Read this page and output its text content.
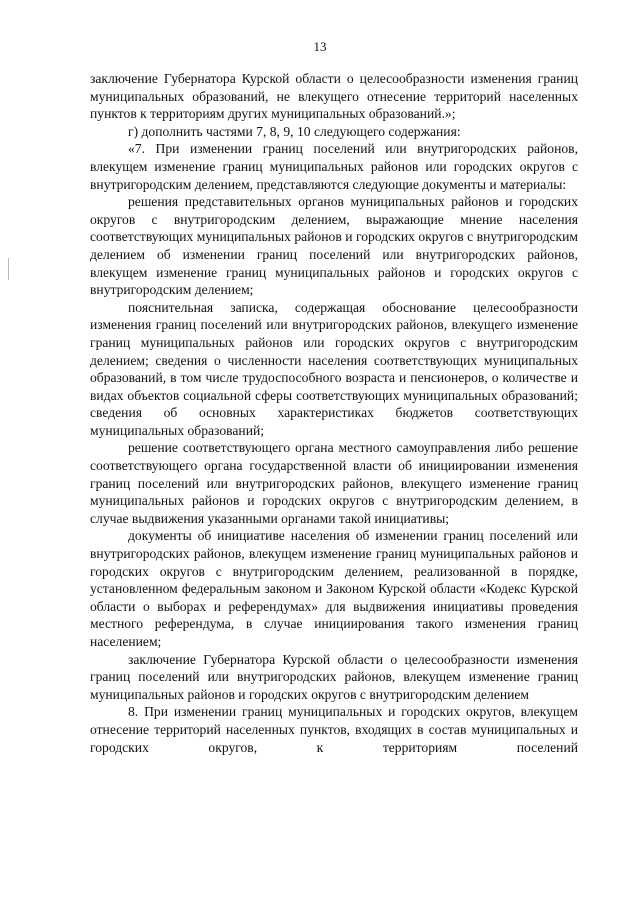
13

заключение Губернатора Курской области о целесообразности изменения границ муниципальных образований, не влекущего отнесение территорий населенных пунктов к территориям других муниципальных образований.»;

г) дополнить частями 7, 8, 9, 10 следующего содержания:

«7. При изменении границ поселений или внутригородских районов, влекущем изменение границ муниципальных районов или городских округов с внутригородским делением, представляются следующие документы и материалы:

решения представительных органов муниципальных районов и городских округов с внутригородским делением, выражающие мнение населения соответствующих муниципальных районов и городских округов с внутригородским делением об изменении границ поселений или внутригородских районов, влекущем изменение границ муниципальных районов и городских округов с внутригородским делением;

пояснительная записка, содержащая обоснование целесообразности изменения границ поселений или внутригородских районов, влекущего изменение границ муниципальных районов или городских округов с внутригородским делением; сведения о численности населения соответствующих муниципальных образований, в том числе трудоспособного возраста и пенсионеров, о количестве и видах объектов социальной сферы соответствующих муниципальных образований; сведения об основных характеристиках бюджетов соответствующих муниципальных образований;

решение соответствующего органа местного самоуправления либо решение соответствующего органа государственной власти об инициировании изменения границ поселений или внутригородских районов, влекущего изменение границ муниципальных районов и городских округов с внутригородским делением, в случае выдвижения указанными органами такой инициативы;

документы об инициативе населения об изменении границ поселений или внутригородских районов, влекущем изменение границ муниципальных районов и городских округов с внутригородским делением, реализованной в порядке, установленном федеральным законом и Законом Курской области «Кодекс Курской области о выборах и референдумах» для выдвижения инициативы проведения местного референдума, в случае инициирования такого изменения границ населением;

заключение Губернатора Курской области о целесообразности изменения границ поселений или внутригородских районов, влекущем изменение границ муниципальных районов и городских округов с внутригородским делением

8. При изменении границ муниципальных и городских округов, влекущем отнесение территорий населенных пунктов, входящих в состав муниципальных и городских округов, к территориям поселений
